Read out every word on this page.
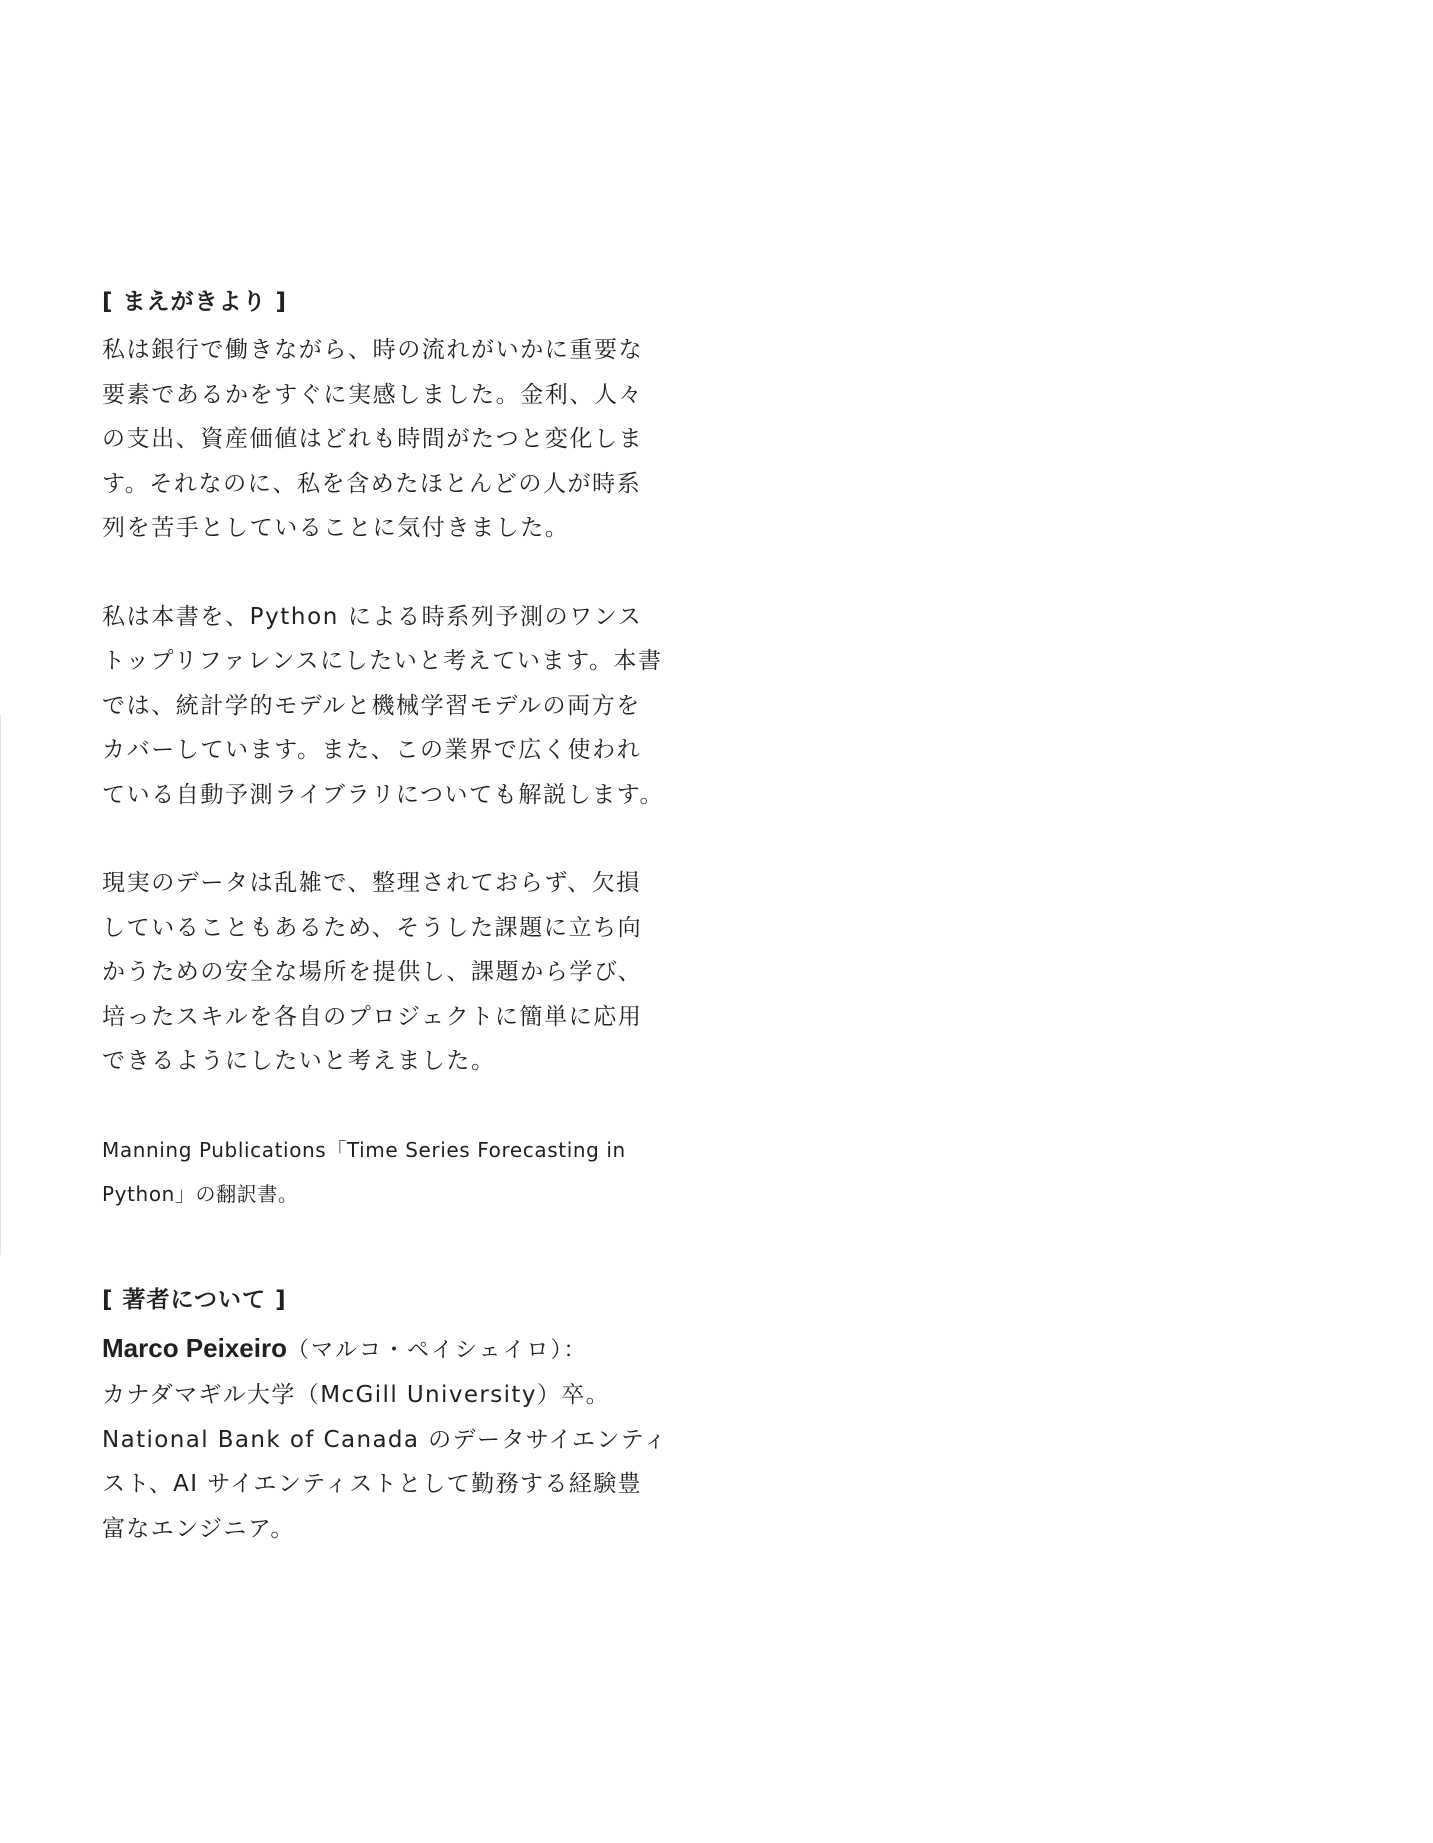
[ まえがきより ]
私は銀行で働きながら、時の流れがいかに重要な
要素であるかをすぐに実感しました。金利、人々
の支出、資産価値はどれも時間がたつと変化しま
す。それなのに、私を含めたほとんどの人が時系
列を苦手としていることに気付きました。
私は本書を、Python による時系列予測のワンス
トップリファレンスにしたいと考えています。本書
では、統計学的モデルと機械学習モデルの両方を
カバーしています。また、この業界で広く使われ
ている自動予測ライブラリについても解説します。
現実のデータは乱雑で、整理されておらず、欠損
していることもあるため、そうした課題に立ち向
かうための安全な場所を提供し、課題から学び、
培ったスキルを各自のプロジェクトに簡単に応用
できるようにしたいと考えました。
Manning Publications「Time Series Forecasting in
Python」の翻訳書。
[ 著者について ]
Marco Peixeiro（マルコ・ペイシェイロ）：
カナダマギル大学（McGill University）卒。
National Bank of Canada のデータサイエンティ
スト、AI サイエンティストとして勤務する経験豊
富なエンジニア。
